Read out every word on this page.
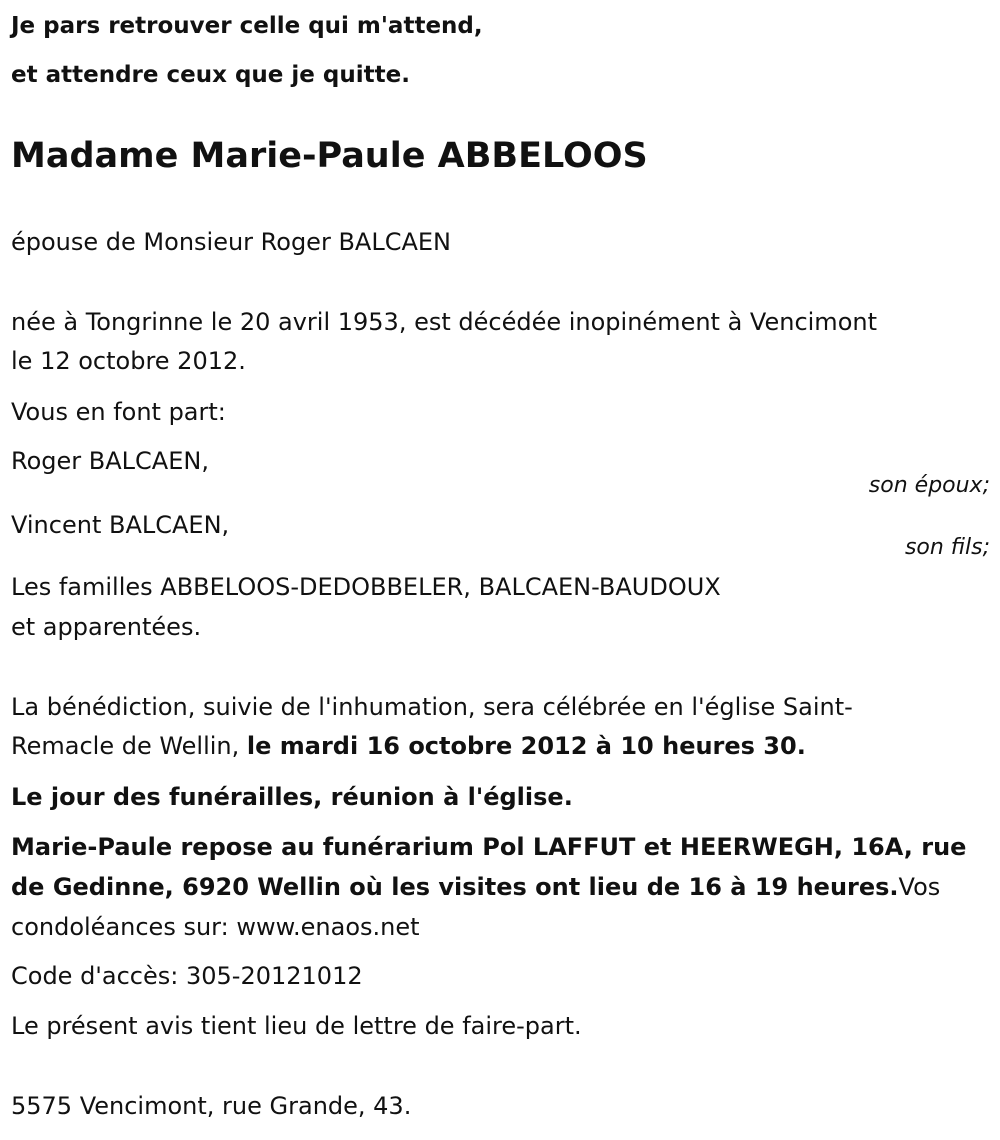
Je pars retrouver celle qui m'attend,
et attendre ceux que je quitte.
Madame Marie-Paule ABBELOOS
épouse de Monsieur Roger BALCAEN
née à Tongrinne le 20 avril 1953, est décédée inopinément à Vencimont
le 12 octobre 2012.
Vous en font part:
Roger BALCAEN,
son époux;
Vincent BALCAEN,
son fils;
Les familles ABBELOOS-DEDOBBELER, BALCAEN-BAUDOUX
et apparentées.
La bénédiction, suivie de l'inhumation, sera célébrée en l'église Saint-
Remacle de Wellin, le mardi 16 octobre 2012 à 10 heures 30.
Le jour des funérailles, réunion à l'église.
Marie-Paule repose au funérarium Pol LAFFUT et HEERWEGH, 16A, rue
de Gedinne, 6920 Wellin où les visites ont lieu de 16 à 19 heures.Vos
condoléances sur: www.enaos.net
Code d'accès: 305-20121012
Le présent avis tient lieu de lettre de faire-part.
5575 Vencimont, rue Grande, 43.
